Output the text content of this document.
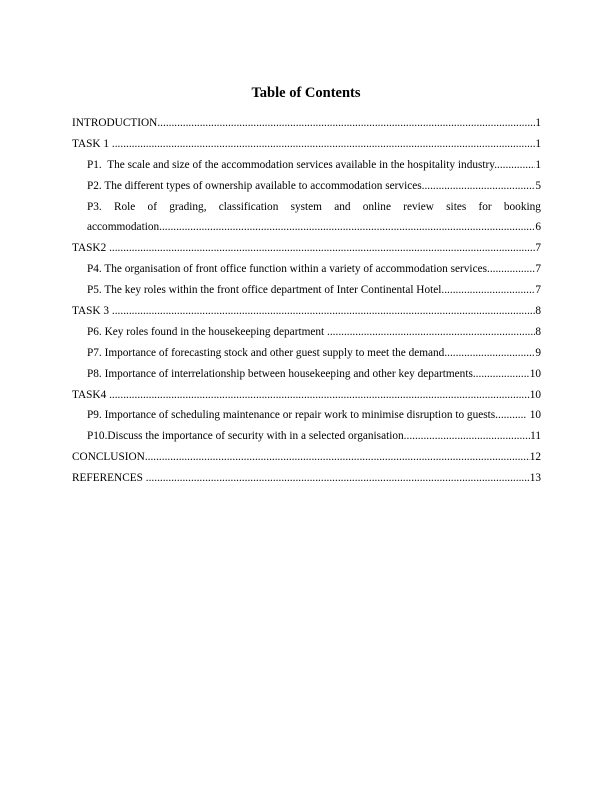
Table of Contents
INTRODUCTION .....	1
TASK 1 .....	1
P1.  The scale and size of the accommodation services available in the hospitality industry. .....	1
P2. The different types of ownership available to accommodation services. .....	5
P3. Role of grading, classification system and online review sites for booking
accommodation .....	6
TASK2 .....	7
P4. The organisation of front office function within a variety of accommodation services .....	7
P5. The key roles within the front office department of Inter Continental Hotel .....	7
TASK 3 .....	8
P6. Key roles found in the housekeeping department .....	8
P7. Importance of forecasting stock and other guest supply to meet the demand .....	9
P8. Importance of interrelationship between housekeeping and other key departments .....	10
TASK4 .....	10
P9. Importance of scheduling maintenance or repair work to minimise disruption to guests .....	10
P10.Discuss the importance of security with in a selected organisation .....	11
CONCLUSION .....	12
REFERENCES .....	13
